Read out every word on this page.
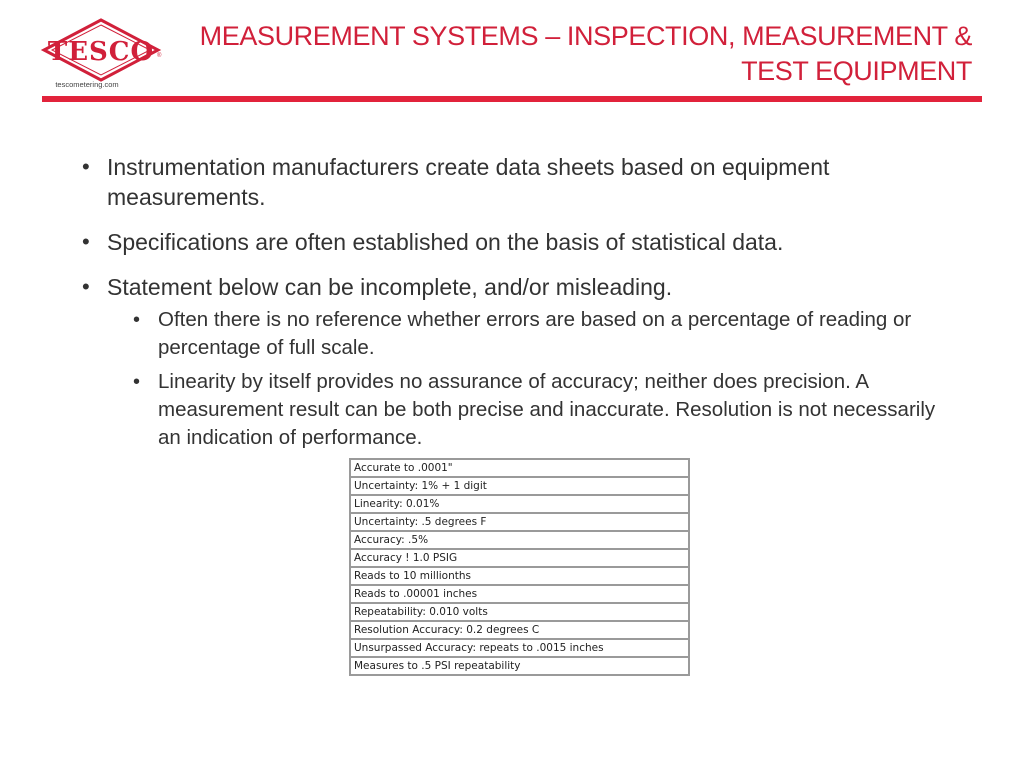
TESCO ®
tescometering.com
MEASUREMENT SYSTEMS – INSPECTION, MEASUREMENT &
TEST EQUIPMENT
• Instrumentation manufacturers create data sheets based on equipment measurements.
• Specifications are often established on the basis of statistical data.
• Statement below can be incomplete, and/or misleading.
• Often there is no reference whether errors are based on a percentage of reading or percentage of full scale.
• Linearity by itself provides no assurance of accuracy; neither does precision. A measurement result can be both precise and inaccurate. Resolution is not necessarily an indication of performance.
Accurate to .0001"
Uncertainty: 1% + 1 digit
Linearity: 0.01%
Uncertainty: .5 degrees F
Accuracy: .5%
Accuracy ! 1.0 PSIG
Reads to 10 millionths
Reads to .00001 inches
Repeatability: 0.010 volts
Resolution Accuracy: 0.2 degrees C
Unsurpassed Accuracy: repeats to .0015 inches
Measures to .5 PSI repeatability
